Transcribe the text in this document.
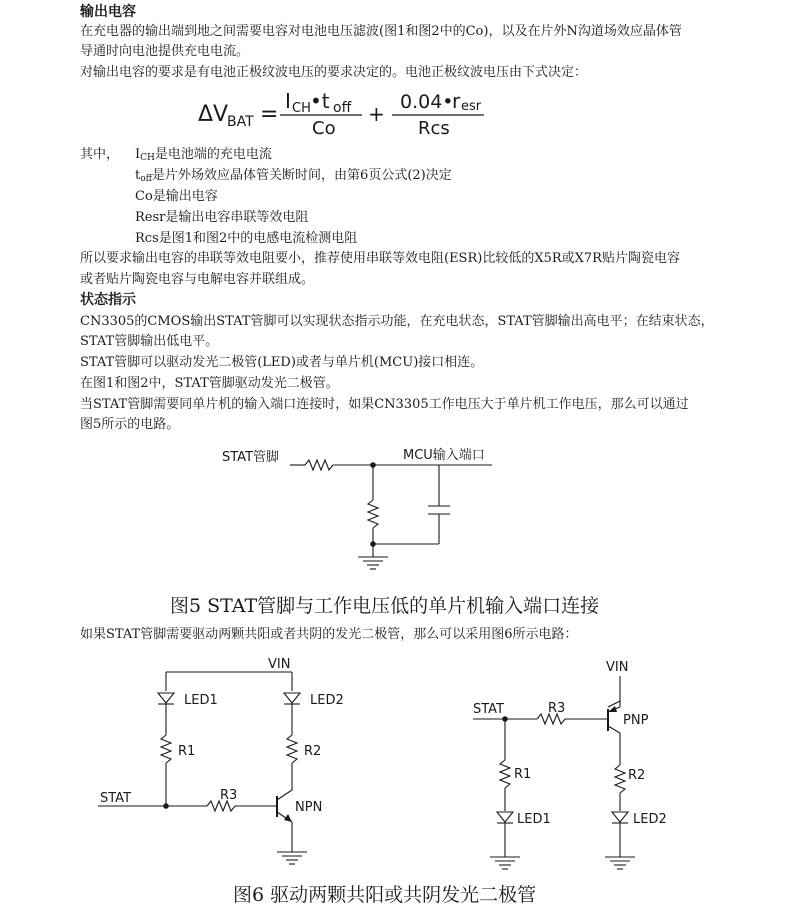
输出电容
在充电器的输出端到地之间需要电容对电池电压滤波(图1和图2中的Co)，以及在片外N沟道场效应晶体管
导通时向电池提供充电电流。
对输出电容的要求是有电池正极纹波电压的要求决定的。电池正极纹波电压由下式决定：
ΔV
BAT =
I CH •t off
Co
+ 0.04•
r esr
Rcs
其中， $I_{CH}$是电池端的充电电流
$t_{off}$是片外场效应晶体管关断时间，由第6页公式(2)决定
Co是输出电容
Resr是输出电容串联等效电阻
Rcs是图1和图2中的电感电流检测电阻
所以要求输出电容的串联等效电阻要小，推荐使用串联等效电阻(ESR)比较低的X5R或X7R贴片陶瓷电容
或者贴片陶瓷电容与电解电容并联组成。
状态指示
CN3305的CMOS输出STAT管脚可以实现状态指示功能，在充电状态，STAT管脚输出高电平；在结束状态，
STAT管脚输出低电平。
STAT管脚可以驱动发光二极管(LED)或者与单片机(MCU)接口相连。
在图1和图2中，STAT管脚驱动发光二极管。
当STAT管脚需要同单片机的输入端口连接时，如果CN3305工作电压大于单片机工作电压，那么可以通过
图5所示的电路。
STAT管脚	MCU输入端口
图5 STAT管脚与工作电压低的单片机输入端口连接
如果STAT管脚需要驱动两颗共阳或者共阴的发光二极管，那么可以采用图6所示电路：
VIN
LED1	LED2
R1	R2
R3
STAT
NPN
VIN
STAT	R3
PNP
R1	R2
LED1	LED2
图6 驱动两颗共阳或共阴发光二极管
